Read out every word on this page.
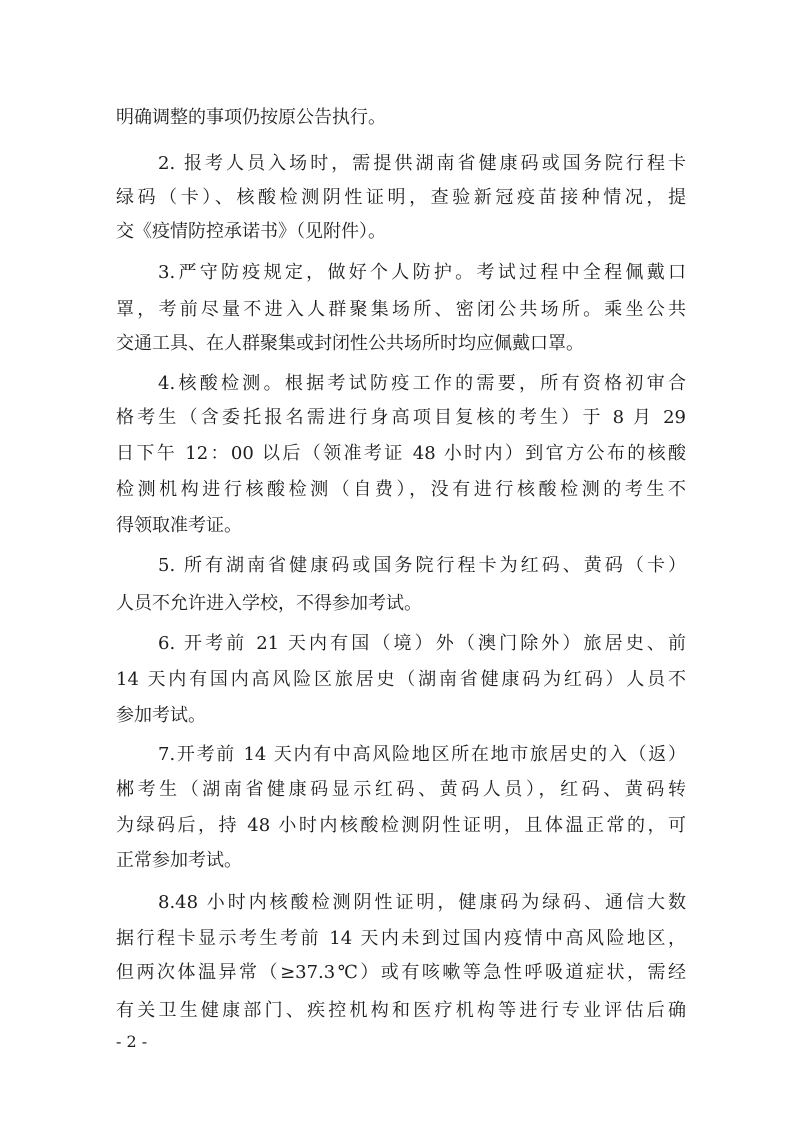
明确调整的事项仍按原公告执行。
2. 报考人员入场时，需提供湖南省健康码或国务院行程卡
绿码（卡）、核酸检测阴性证明，查验新冠疫苗接种情况，提
交《疫情防控承诺书》（见附件）。
3.严守防疫规定，做好个人防护。考试过程中全程佩戴口
罩，考前尽量不进入人群聚集场所、密闭公共场所。乘坐公共
交通工具、在人群聚集或封闭性公共场所时均应佩戴口罩。
4.核酸检测。根据考试防疫工作的需要，所有资格初审合
格考生（含委托报名需进行身高项目复核的考生）于 8 月 29
日下午 12：00 以后（领准考证 48 小时内）到官方公布的核酸
检测机构进行核酸检测（自费），没有进行核酸检测的考生不
得领取准考证。
5. 所有湖南省健康码或国务院行程卡为红码、黄码（卡）
人员不允许进入学校，不得参加考试。
6. 开考前 21 天内有国（境）外（澳门除外）旅居史、前
14 天内有国内高风险区旅居史（湖南省健康码为红码）人员不
参加考试。
7.开考前 14 天内有中高风险地区所在地市旅居史的入（返）
郴考生（湖南省健康码显示红码、黄码人员），红码、黄码转
为绿码后，持 48 小时内核酸检测阴性证明，且体温正常的，可
正常参加考试。
8.48 小时内核酸检测阴性证明，健康码为绿码、通信大数
据行程卡显示考生考前 14 天内未到过国内疫情中高风险地区，
但两次体温异常（≥37.3℃）或有咳嗽等急性呼吸道症状，需经
有关卫生健康部门、疾控机构和医疗机构等进行专业评估后确
- 2 -
